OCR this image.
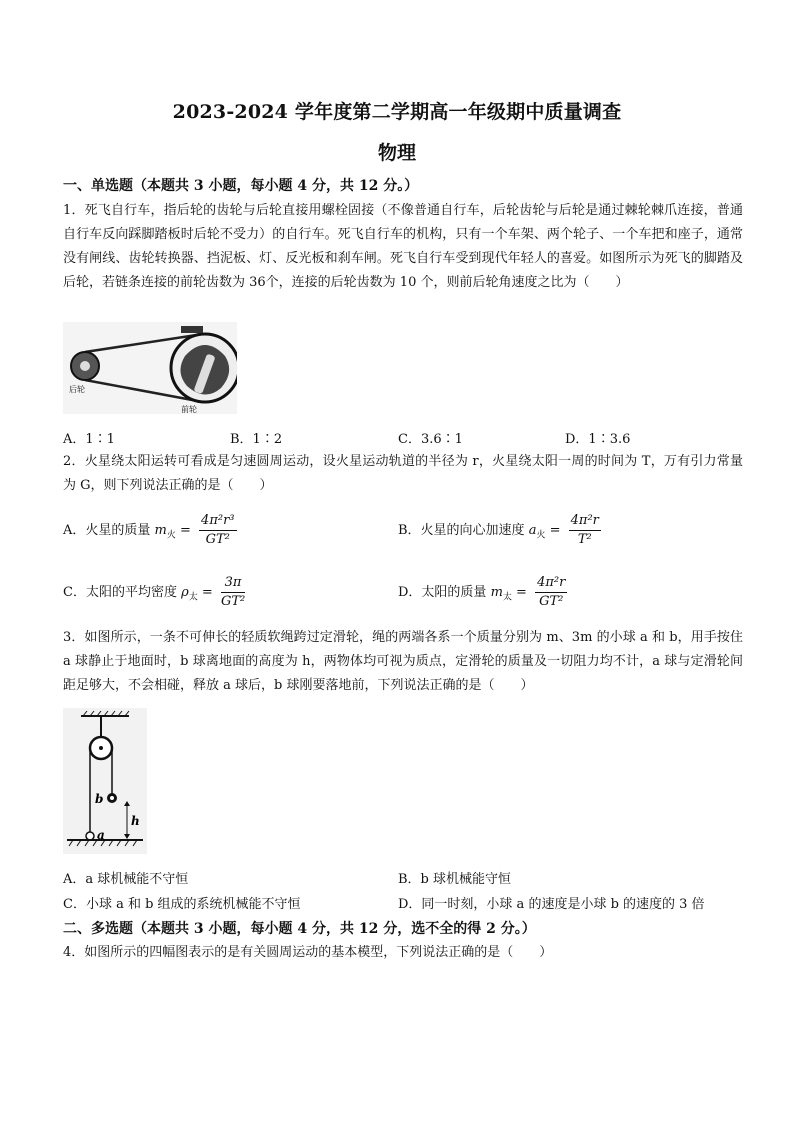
2023-2024 学年度第二学期高一年级期中质量调查
物理
一、单选题（本题共 3 小题，每小题 4 分，共 12 分。）
1．死飞自行车，指后轮的齿轮与后轮直接用螺栓固接（不像普通自行车，后轮齿轮与后轮是通过棘轮棘爪连接，普通自行车反向踩脚踏板时后轮不受力）的自行车。死飞自行车的机构，只有一个车架、两个轮子、一个车把和座子，通常没有闸线、齿轮转换器、挡泥板、灯、反光板和刹车闸。死飞自行车受到现代年轻人的喜爱。如图所示为死飞的脚踏及后轮，若链条连接的前轮齿数为 36个，连接的后轮齿数为 10 个，则前后轮角速度之比为（　　）
后轮
前轮
A．1∶1	B．1∶2	C．3.6∶1	D．1∶3.6
2．火星绕太阳运转可看成是匀速圆周运动，设火星运动轨道的半径为 r，火星绕太阳一周的时间为 T，万有引力常量为 G，则下列说法正确的是（　　）
A．火星的质量 $m_火 = \frac{\text{4π²r³}}{\text{GT²}}$	B．火星的向心加速度 $a_火 = \frac{\text{4π²r}}{\text{T²}}$
C．太阳的平均密度 $\rho_太 = \frac{3\pi}{\text{GT²}}$	D．太阳的质量 $m_太 = \frac{\text{4π²r}}{\text{GT²}}$
3．如图所示，一条不可伸长的轻质软绳跨过定滑轮，绳的两端各系一个质量分别为 m、3m 的小球 a 和 b，用手按住 a 球静止于地面时，b 球离地面的高度为 h，两物体均可视为质点，定滑轮的质量及一切阻力均不计，a 球与定滑轮间距足够大，不会相碰，释放 a 球后，b 球刚要落地前，下列说法正确的是（　　）
b
h
a
A．a 球机械能不守恒	B．b 球机械能守恒
C．小球 a 和 b 组成的系统机械能不守恒	D．同一时刻，小球 a 的速度是小球 b 的速度的 3 倍
二、多选题（本题共 3 小题，每小题 4 分，共 12 分，选不全的得 2 分。）
4．如图所示的四幅图表示的是有关圆周运动的基本模型，下列说法正确的是（　　）
